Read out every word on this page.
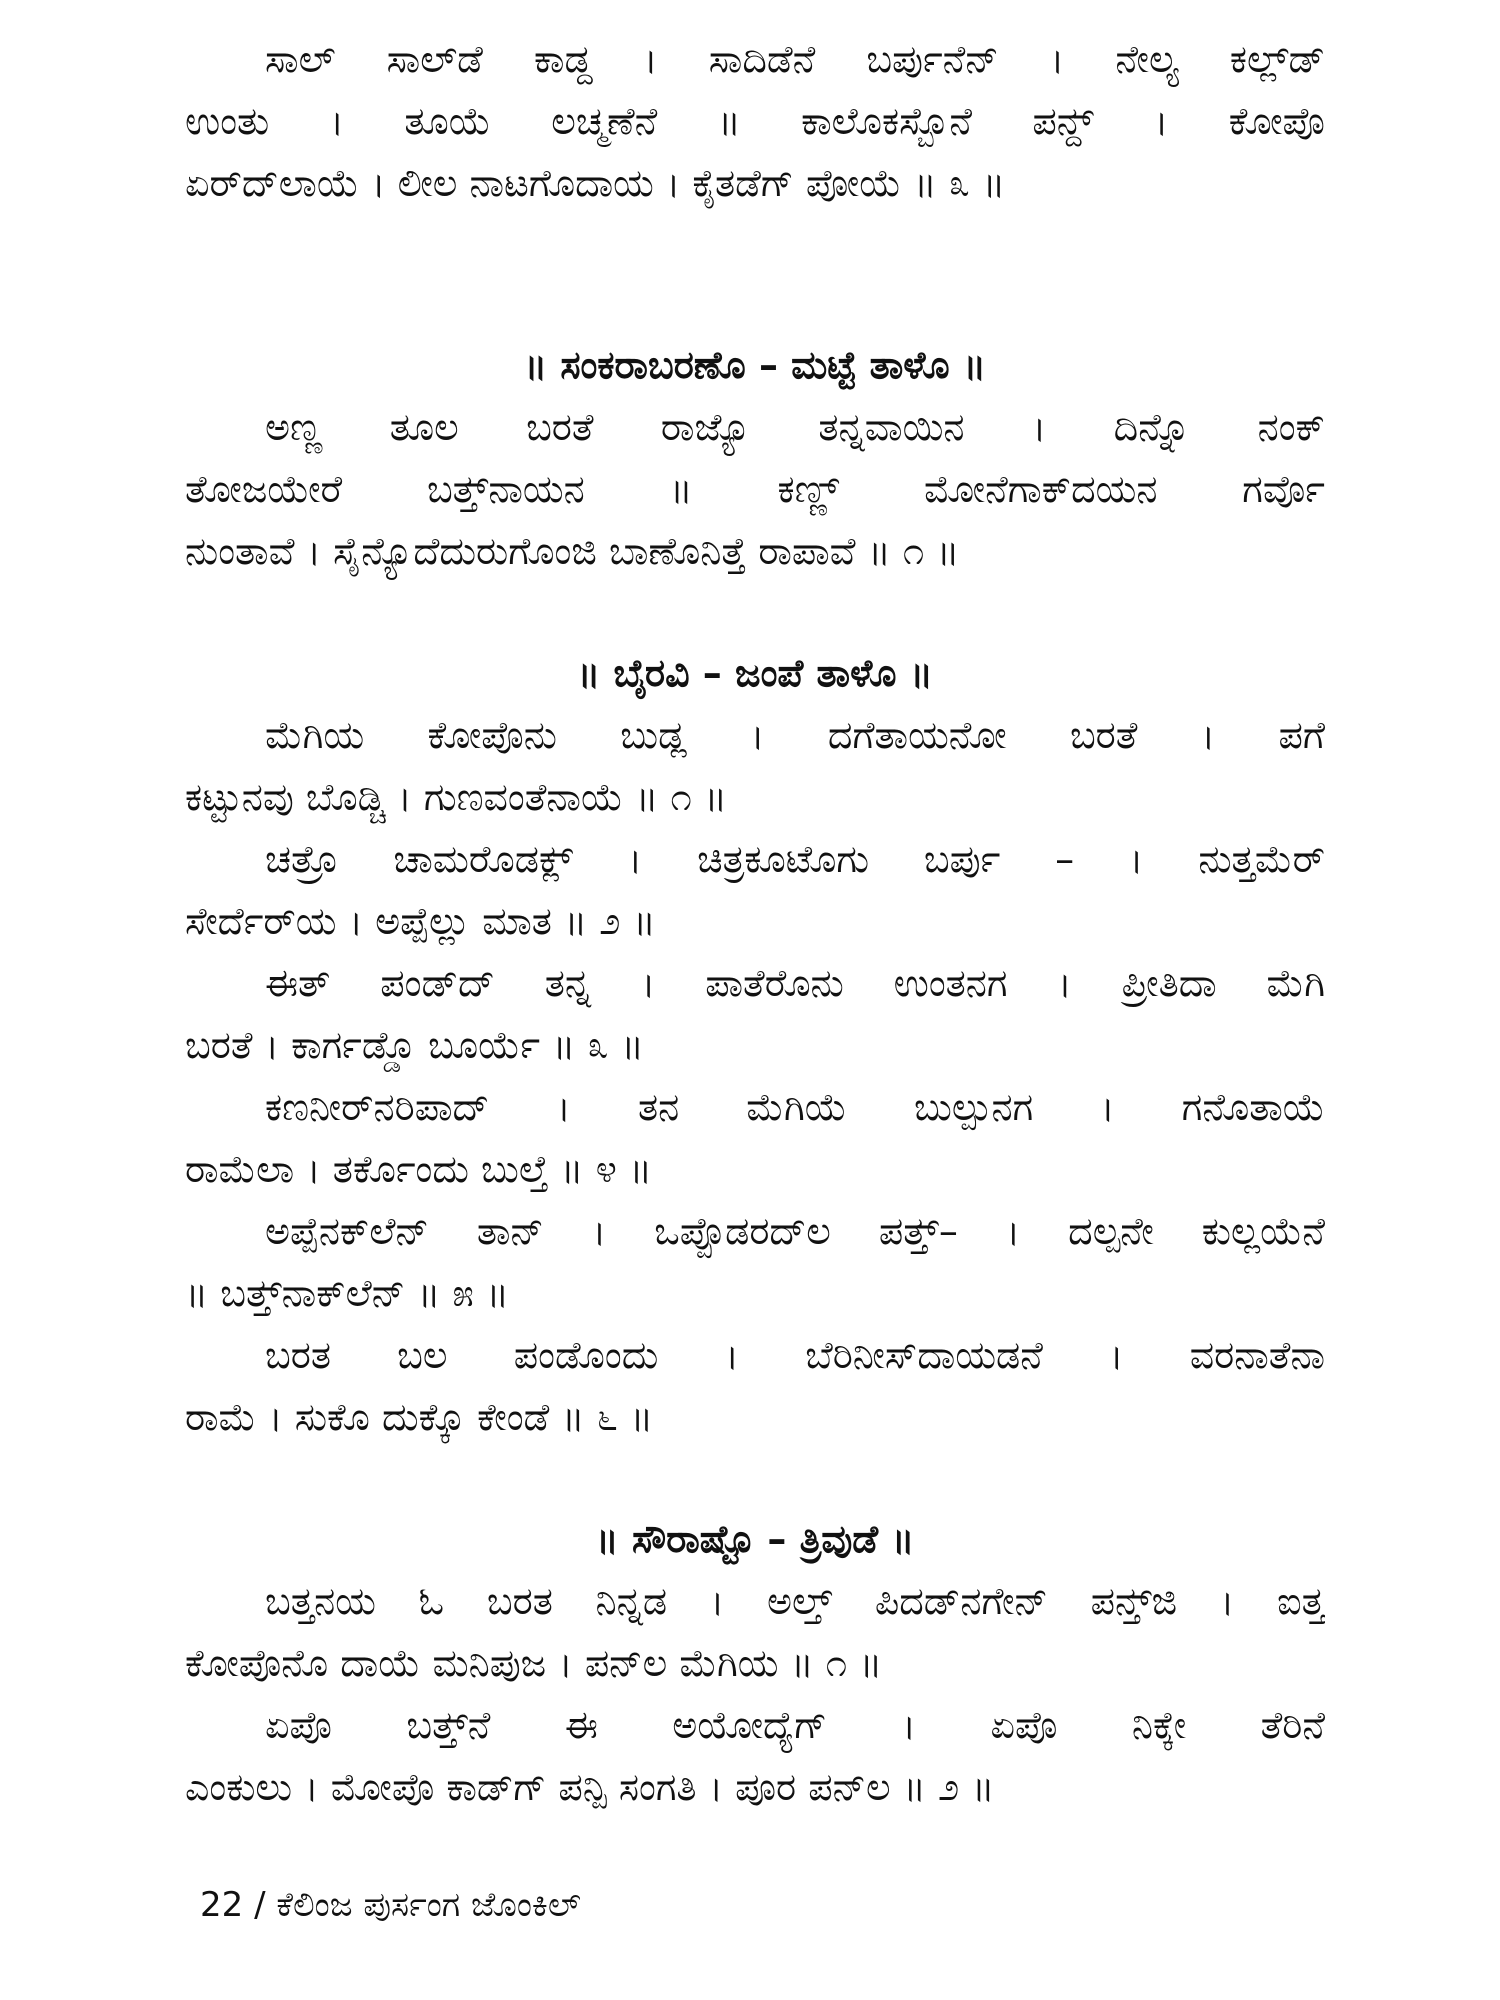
ಸಾಲ್ ಸಾಲ್‌ಡೆ ಕಾಡ್ದ । ಸಾದಿಡೆನೆ ಬರ್ಪುನೆನ್ । ನೇಲ್ಯ ಕಲ್ಲ್‌ಡ್
ಉಂತು । ತೂಯೆ ಲಚ್ಮಣೆನೆ ॥ ಕಾಲೊಕಸ್ಬೊನೆ ಪನ್ದ್ । ಕೋಪೊ
ಏರ್‌ದ್‌ಲಾಯೆ । ಲೀಲ ನಾಟಗೊದಾಯ । ಕೈತಡೆಗ್ ಪೋಯೆ ॥ ೩ ॥
॥ ಸಂಕರಾಬರಣೊ – ಮಟ್ಟೆ ತಾಳೊ ॥
ಅಣ್ಣ ತೂಲ ಬರತೆ ರಾಜ್ಯೊ ತನ್ನವಾಯಿನ । ದಿನ್ನೊ ನಂಕ್
ತೋಜಯೇರೆ ಬತ್ತ್‌ನಾಯನ ॥ ಕಣ್ಣ್ ಮೋನೆಗಾಕ್‌ದಯನ ಗರ್ವೊ
ನುಂತಾವೆ । ಸೈನ್ಯೊದೆದುರುಗೊಂಜಿ ಬಾಣೊನಿತ್ತೆ ರಾಪಾವೆ ॥ ೧ ॥
॥ ಬೈರವಿ – ಜಂಪೆ ತಾಳೊ ॥
ಮೆಗಿಯ ಕೋಪೊನು ಬುಡ್ಲ । ದಗೆತಾಯನೋ ಬರತೆ । ಪಗೆ
ಕಟ್ಟುನವು ಬೊಡ್ಚಿ । ಗುಣವಂತೆನಾಯೆ ॥ ೧ ॥
ಚತ್ರೊ ಚಾಮರೊಡಕ್ಲ್ । ಚಿತ್ರಕೂಟೊಗು ಬರ್ಪು – । ನುತ್ತಮೆರ್
ಸೇರ್ದೆರ್‌ಯ । ಅಪ್ಪೆಲ್ಲು ಮಾತ ॥ ೨ ॥
ಈತ್ ಪಂಡ್‌ದ್ ತನ್ನ । ಪಾತೆರೊನು ಉಂತನಗ । ಪ್ರೀತಿದಾ ಮೆಗಿ
ಬರತೆ । ಕಾರ್ಗಡ್ಡೊ ಬೂರ್ಯೆ ॥ ೩ ॥
ಕಣನೀರ್‌ನರಿಪಾದ್ । ತನ ಮೆಗಿಯೆ ಬುಲ್ಪುನಗ । ಗನೊತಾಯೆ
ರಾಮೆಲಾ । ತರ್ಕೊಂದು ಬುಲ್ತೆ ॥ ೪ ॥
ಅಪ್ಪೆನಕ್‌ಲೆನ್ ತಾನ್ । ಒಪ್ಪೊಡರದ್‌ಲ ಪತ್ತ್– । ದಲ್ಪನೇ ಕುಲ್ಲಯೆನೆ
॥ ಬತ್ತ್‌ನಾಕ್‌ಲೆನ್ ॥ ೫ ॥
ಬರತ ಬಲ ಪಂಡೊಂದು । ಬೆರಿನೀಸ್‌ದಾಯಡನೆ । ವರನಾತೆನಾ
ರಾಮೆ । ಸುಕೊ ದುಕ್ಕೊ ಕೇಂಡೆ ॥ ೬ ॥
॥ ಸೌರಾಷ್ಟೊ – ತ್ರಿವುಡೆ ॥
ಬತ್ತನಯ ಓ ಬರತ ನಿನ್ನಡ । ಅಲ್ತ್ ಪಿದಡ್‌ನಗೇನ್ ಪನ್ತ್‌ಜಿ । ಐತ್ತ
ಕೋಪೊನೊ ದಾಯೆ ಮನಿಪುಜ । ಪನ್‌ಲ ಮೆಗಿಯ ॥ ೧ ॥
ಏಪೊ ಬತ್ತ್‌ನೆ ಈ ಅಯೋದ್ಯೆಗ್ । ಏಪೊ ನಿಕ್ಕೇ ತೆರಿನೆ
ಎಂಕುಲು । ಮೋಪೊ ಕಾಡ್‌ಗ್ ಪನ್ಪಿ ಸಂಗತಿ । ಪೂರ ಪನ್‌ಲ ॥ ೨ ॥
22 / ಕೆಲಿಂಜ ಪುರ್ಸಂಗ ಜೊಂಕಿಲ್
